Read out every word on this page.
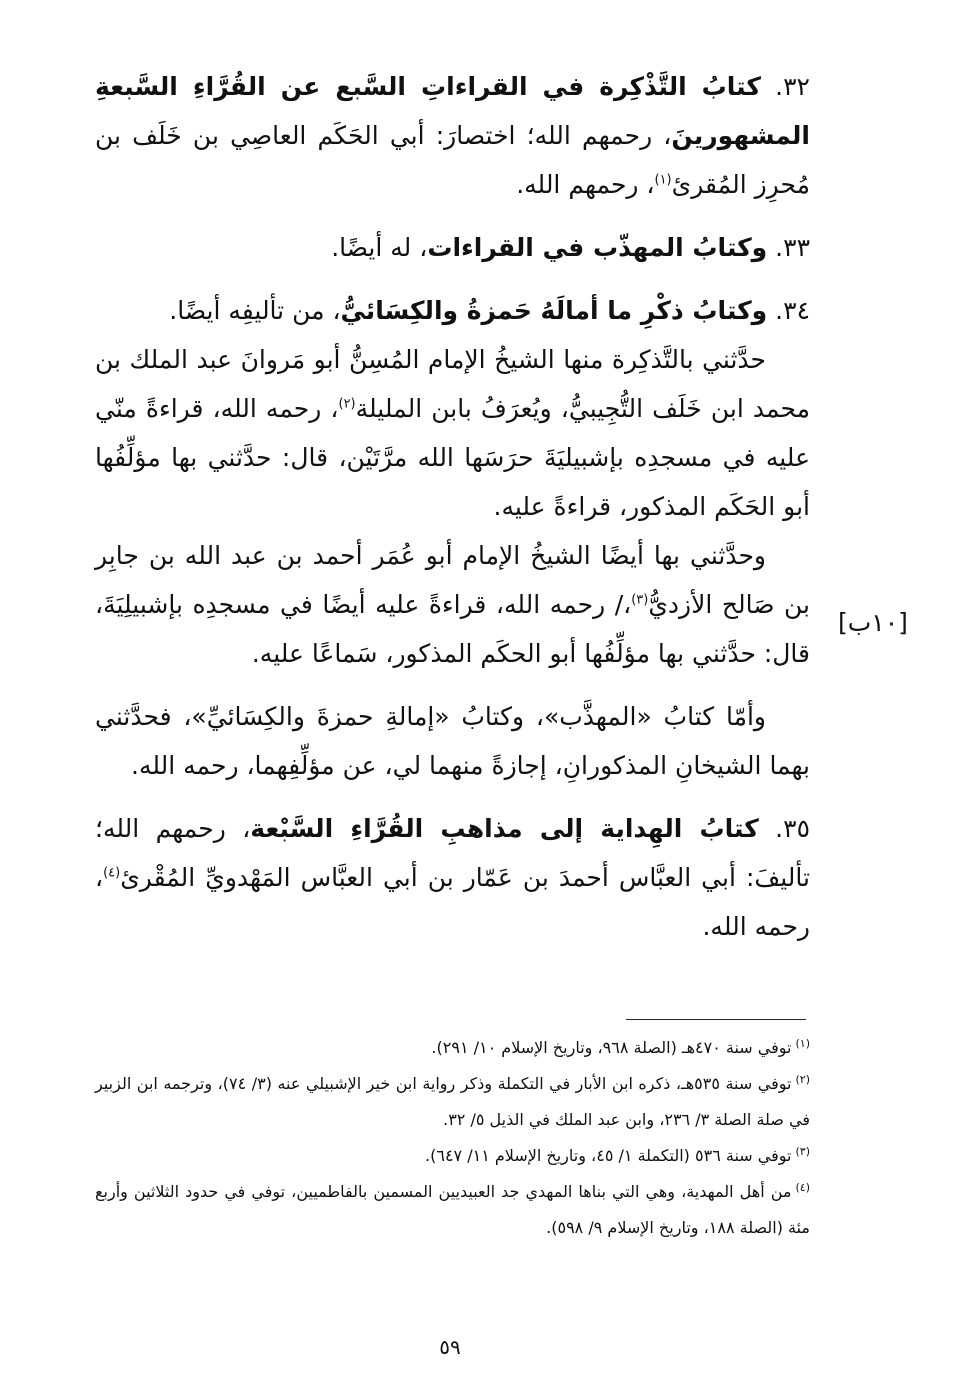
٣٢. كتابُ التَّذْكِرة في القراءاتِ السَّبع عن القُرَّاءِ السَّبعةِ المشهورينَ، رحمهم الله؛ اختصارَ: أبي الحَكَم العاصِي بن خَلَف بن مُحرِز المُقرئ$^{(١)}$، رحمهم الله.

٣٣. وكتابُ المهذّب في القراءات، له أيضًا.

٣٤. وكتابُ ذكْرِ ما أمالَهُ حَمزةُ والكِسَائيُّ، من تأليفِه أيضًا.

حدَّثني بالتَّذكِرة منها الشيخُ الإمام المُسِنُّ أبو مَروانَ عبد الملك بن محمد ابن خَلَف التُّجِيبيُّ، ويُعرَفُ بابن المليلة$^{(٢)}$، رحمه الله، قراءةً منّي عليه في مسجدِه بإشبيليَةَ حرَسَها الله مرَّتَيْن، قال: حدَّثني بها مؤلِّفُها أبو الحَكَم المذكور، قراءةً عليه.

وحدَّثني بها أيضًا الشيخُ الإمام أبو عُمَر أحمد بن عبد الله بن جابِر بن صَالح الأزديُّ$^{(٣)}$،/ رحمه الله، قراءةً عليه أيضًا في مسجدِه بإشبيلِيَةَ، قال: حدَّثني بها مؤلِّفُها أبو الحكَم المذكور، سَماعًا عليه.

وأمّا كتابُ «المهذَّب»، وكتابُ «إمالةِ حمزةَ والكِسَائيِّ»، فحدَّثني بهما الشيخانِ المذكورانِ، إجازةً منهما لي، عن مؤلِّفِهما، رحمه الله.

٣٥. كتابُ الهِداية إلى مذاهبِ القُرَّاءِ السَّبْعة، رحمهم الله؛ تأليفَ: أبي العبَّاس أحمدَ بن عَمّار بن أبي العبَّاس المَهْدويِّ المُقْرئ$^{(٤)}$، رحمه الله.

[١٠ب]

$^{(١)}$توفي سنة ٤٧٠هـ (الصلة ٩٦٨، وتاريخ الإسلام ١٠/ ٢٩١).

$^{(٢)}$توفي سنة ٥٣٥هـ، ذكره ابن الأبار في التكملة وذكر رواية ابن خير الإشبيلي عنه (٣/ ٧٤)، وترجمه ابن الزبير في صلة الصلة ٣/ ٢٣٦، وابن عبد الملك في الذيل ٥/ ٣٢.

$^{(٣)}$توفي سنة ٥٣٦ (التكملة ١/ ٤٥، وتاريخ الإسلام ١١/ ٦٤٧).

$^{(٤)}$من أهل المهدية، وهي التي بناها المهدي جد العبيديين المسمين بالفاطميين، توفي في حدود الثلاثين وأربع مئة (الصلة ١٨٨، وتاريخ الإسلام ٩/ ٥٩٨).

٥٩
